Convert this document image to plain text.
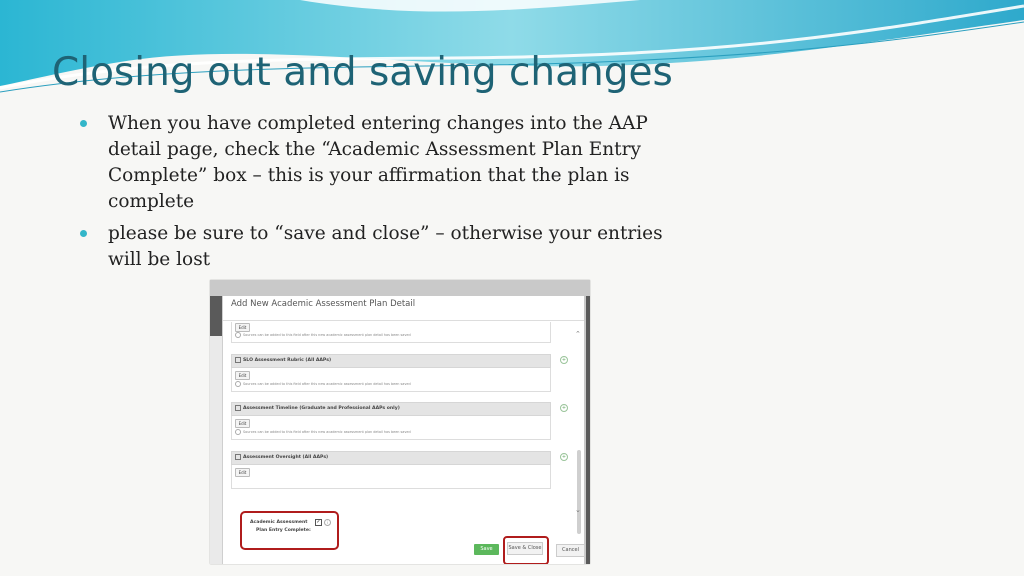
Closing out and saving changes
When you have completed entering changes into the AAP detail page, check the “Academic Assessment Plan Entry Complete” box – this is your affirmation that the plan is complete
please be sure to “save and close” – otherwise your entries will be lost
Add New Academic Assessment Plan Detail
⌃
⌄
Edit
Sources can be added to this field after this new academic assessment plan detail has been saved
SLO Assessment Rubric (All AAPs)
Edit
Sources can be added to this field after this new academic assessment plan detail has been saved
+
Assessment Timeline (Graduate and Professional AAPs only)
Edit
Sources can be added to this field after this new academic assessment plan detail has been saved
+
Assessment Oversight (All AAPs)
Edit
+
Academic Assessment
Plan Entry Complete:
✓	i
Save	Save & Close	Cancel
